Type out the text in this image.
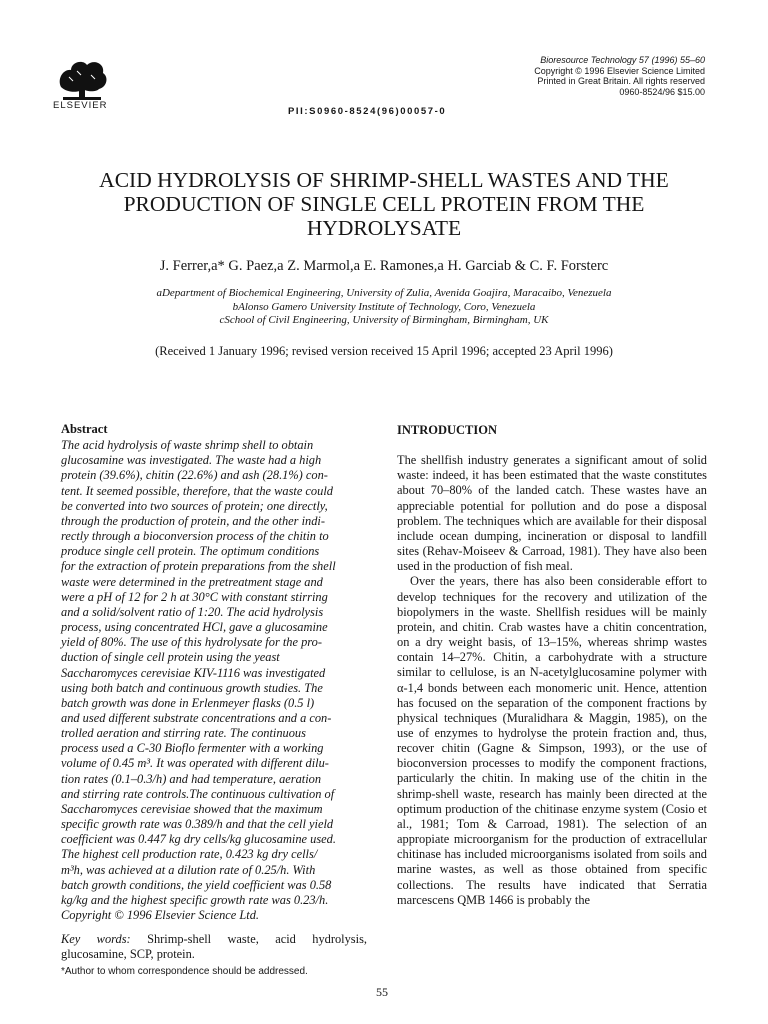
ELSEVIER
PII:S0960-8524(96)00057-0
Bioresource Technology 57 (1996) 55–60
Copyright © 1996 Elsevier Science Limited
Printed in Great Britain. All rights reserved
0960-8524/96 $15.00
ACID HYDROLYSIS OF SHRIMP-SHELL WASTES AND THE
PRODUCTION OF SINGLE CELL PROTEIN FROM THE
HYDROLYSATE
J. Ferrer,a* G. Paez,a Z. Marmol,a E. Ramones,a H. Garciab & C. F. Forsterc
aDepartment of Biochemical Engineering, University of Zulia, Avenida Goajira, Maracaibo, Venezuela
bAlonso Gamero University Institute of Technology, Coro, Venezuela
cSchool of Civil Engineering, University of Birmingham, Birmingham, UK
(Received 1 January 1996; revised version received 15 April 1996; accepted 23 April 1996)
Abstract
The acid hydrolysis of waste shrimp shell to obtain
glucosamine was investigated. The waste had a high
protein (39.6%), chitin (22.6%) and ash (28.1%) con-
tent. It seemed possible, therefore, that the waste could
be converted into two sources of protein; one directly,
through the production of protein, and the other indi-
rectly through a bioconversion process of the chitin to
produce single cell protein. The optimum conditions
for the extraction of protein preparations from the shell
waste were determined in the pretreatment stage and
were a pH of 12 for 2 h at 30°C with constant stirring
and a solid/solvent ratio of 1:20. The acid hydrolysis
process, using concentrated HCl, gave a glucosamine
yield of 80%. The use of this hydrolysate for the pro-
duction of single cell protein using the yeast
Saccharomyces cerevisiae KIV-1116 was investigated
using both batch and continuous growth studies. The
batch growth was done in Erlenmeyer flasks (0.5 l)
and used different substrate concentrations and a con-
trolled aeration and stirring rate. The continuous
process used a C-30 Bioflo fermenter with a working
volume of 0.45 m³. It was operated with different dilu-
tion rates (0.1–0.3/h) and had temperature, aeration
and stirring rate controls.The continuous cultivation of
Saccharomyces cerevisiae showed that the maximum
specific growth rate was 0.389/h and that the cell yield
coefficient was 0.447 kg dry cells/kg glucosamine used.
The highest cell production rate, 0.423 kg dry cells/
m³h, was achieved at a dilution rate of 0.25/h. With
batch growth conditions, the yield coefficient was 0.58
kg/kg and the highest specific growth rate was 0.23/h.
Copyright © 1996 Elsevier Science Ltd.
Key words: Shrimp-shell waste, acid hydrolysis, glucosamine, SCP, protein.
*Author to whom correspondence should be addressed.
55
INTRODUCTION

The shellfish industry generates a significant amout of solid waste: indeed, it has been estimated that the waste constitutes about 70–80% of the landed catch. These wastes have an appreciable potential for pollution and do pose a disposal problem. The techniques which are available for their disposal include ocean dumping, incineration or disposal to landfill sites (Rehav-Moiseev & Carroad, 1981). They have also been used in the production of fish meal.

Over the years, there has also been considerable effort to develop techniques for the recovery and utilization of the biopolymers in the waste. Shellfish residues will be mainly protein, and chitin. Crab wastes have a chitin concentration, on a dry weight basis, of 13–15%, whereas shrimp wastes contain 14–27%. Chitin, a carbohydrate with a structure similar to cellulose, is an N-acetylglucosamine polymer with α-1,4 bonds between each monomeric unit. Hence, attention has focused on the separation of the component fractions by physical techniques (Muralidhara & Maggin, 1985), on the use of enzymes to hydrolyse the protein fraction and, thus, recover chitin (Gagne & Simpson, 1993), or the use of bioconversion processes to modify the component fractions, particularly the chitin. In making use of the chitin in the shrimp-shell waste, research has mainly been directed at the optimum production of the chitinase enzyme system (Cosio et al., 1981; Tom & Carroad, 1981). The selection of an appropiate microorganism for the production of extracellular chitinase has included microorganisms isolated from soils and marine wastes, as well as those obtained from specific collections. The results have indicated that Serratia marcescens QMB 1466 is probably the
